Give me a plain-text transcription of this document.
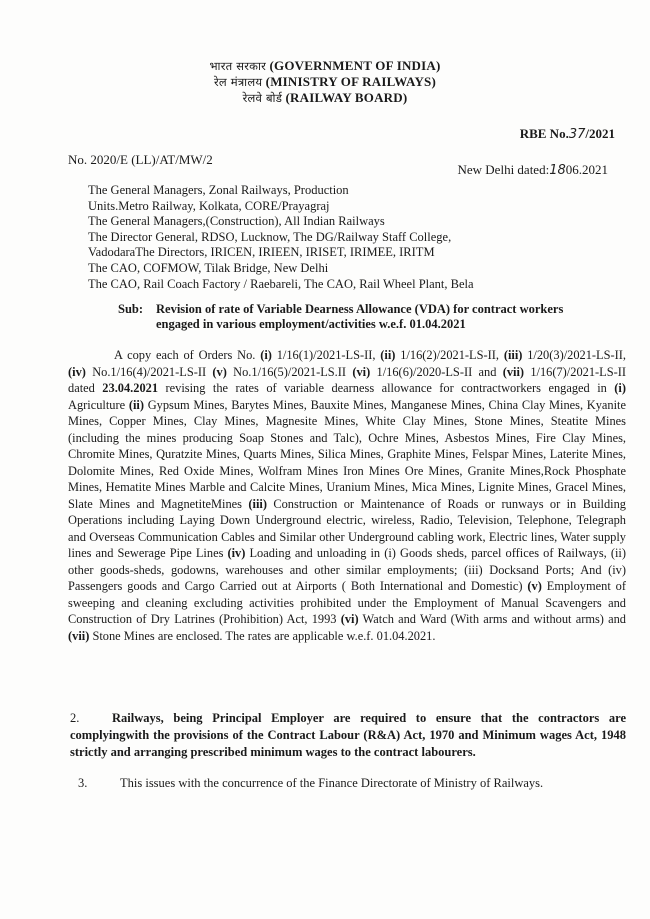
भारत सरकार (GOVERNMENT OF INDIA)
रेल मंत्रालय (MINISTRY OF RAILWAYS)
रेलवे बोर्ड (RAILWAY BOARD)
RBE No.37/2021
No. 2020/E (LL)/AT/MW/2
New Delhi dated:1806.2021
The General Managers, Zonal Railways, Production
Units.Metro Railway, Kolkata, CORE/Prayagraj
The General Managers,(Construction), All Indian Railways
The Director General, RDSO, Lucknow, The DG/Railway Staff College,
VadodaraThe Directors, IRICEN, IRIEEN, IRISET, IRIMEE, IRITM
The CAO, COFMOW, Tilak Bridge, New Delhi
The CAO, Rail Coach Factory / Raebareli, The CAO, Rail Wheel Plant, Bela
Sub: Revision of rate of Variable Dearness Allowance (VDA) for contract workers engaged in various employment/activities w.e.f. 01.04.2021
A copy each of Orders No. (i) 1/16(1)/2021-LS-II, (ii) 1/16(2)/2021-LS-II, (iii) 1/20(3)/2021-LS-II, (iv) No.1/16(4)/2021-LS-II (v) No.1/16(5)/2021-LS.II (vi) 1/16(6)/2020-LS-II and (vii) 1/16(7)/2021-LS-II dated 23.04.2021 revising the rates of variable dearness allowance for contractworkers engaged in (i) Agriculture (ii) Gypsum Mines, Barytes Mines, Bauxite Mines, Manganese Mines, China Clay Mines, Kyanite Mines, Copper Mines, Clay Mines, Magnesite Mines, White Clay Mines, Stone Mines, Steatite Mines (including the mines producing Soap Stones and Talc), Ochre Mines, Asbestos Mines, Fire Clay Mines, Chromite Mines, Quratzite Mines, Quarts Mines, Silica Mines, Graphite Mines, Felspar Mines, Laterite Mines, Dolomite Mines, Red Oxide Mines, Wolfram Mines Iron Mines Ore Mines, Granite Mines,Rock Phosphate Mines, Hematite Mines Marble and Calcite Mines, Uranium Mines, Mica Mines, Lignite Mines, Gracel Mines, Slate Mines and MagnetiteMines (iii) Construction or Maintenance of Roads or runways or in Building Operations including Laying Down Underground electric, wireless, Radio, Television, Telephone, Telegraph and Overseas Communication Cables and Similar other Underground cabling work, Electric lines, Water supply lines and Sewerage Pipe Lines (iv) Loading and unloading in (i) Goods sheds, parcel offices of Railways, (ii) other goods-sheds, godowns, warehouses and other similar employments; (iii) Docksand Ports; And (iv) Passengers goods and Cargo Carried out at Airports ( Both International and Domestic) (v) Employment of sweeping and cleaning excluding activities prohibited under the Employment of Manual Scavengers and Construction of Dry Latrines (Prohibition) Act, 1993 (vi) Watch and Ward (With arms and without arms) and (vii) Stone Mines are enclosed. The rates are applicable w.e.f. 01.04.2021.
2.	Railways, being Principal Employer are required to ensure that the contractors are complyingwith the provisions of the Contract Labour (R&A) Act, 1970 and Minimum wages Act, 1948 strictly and arranging prescribed minimum wages to the contract labourers.
3.	This issues with the concurrence of the Finance Directorate of Ministry of Railways.
